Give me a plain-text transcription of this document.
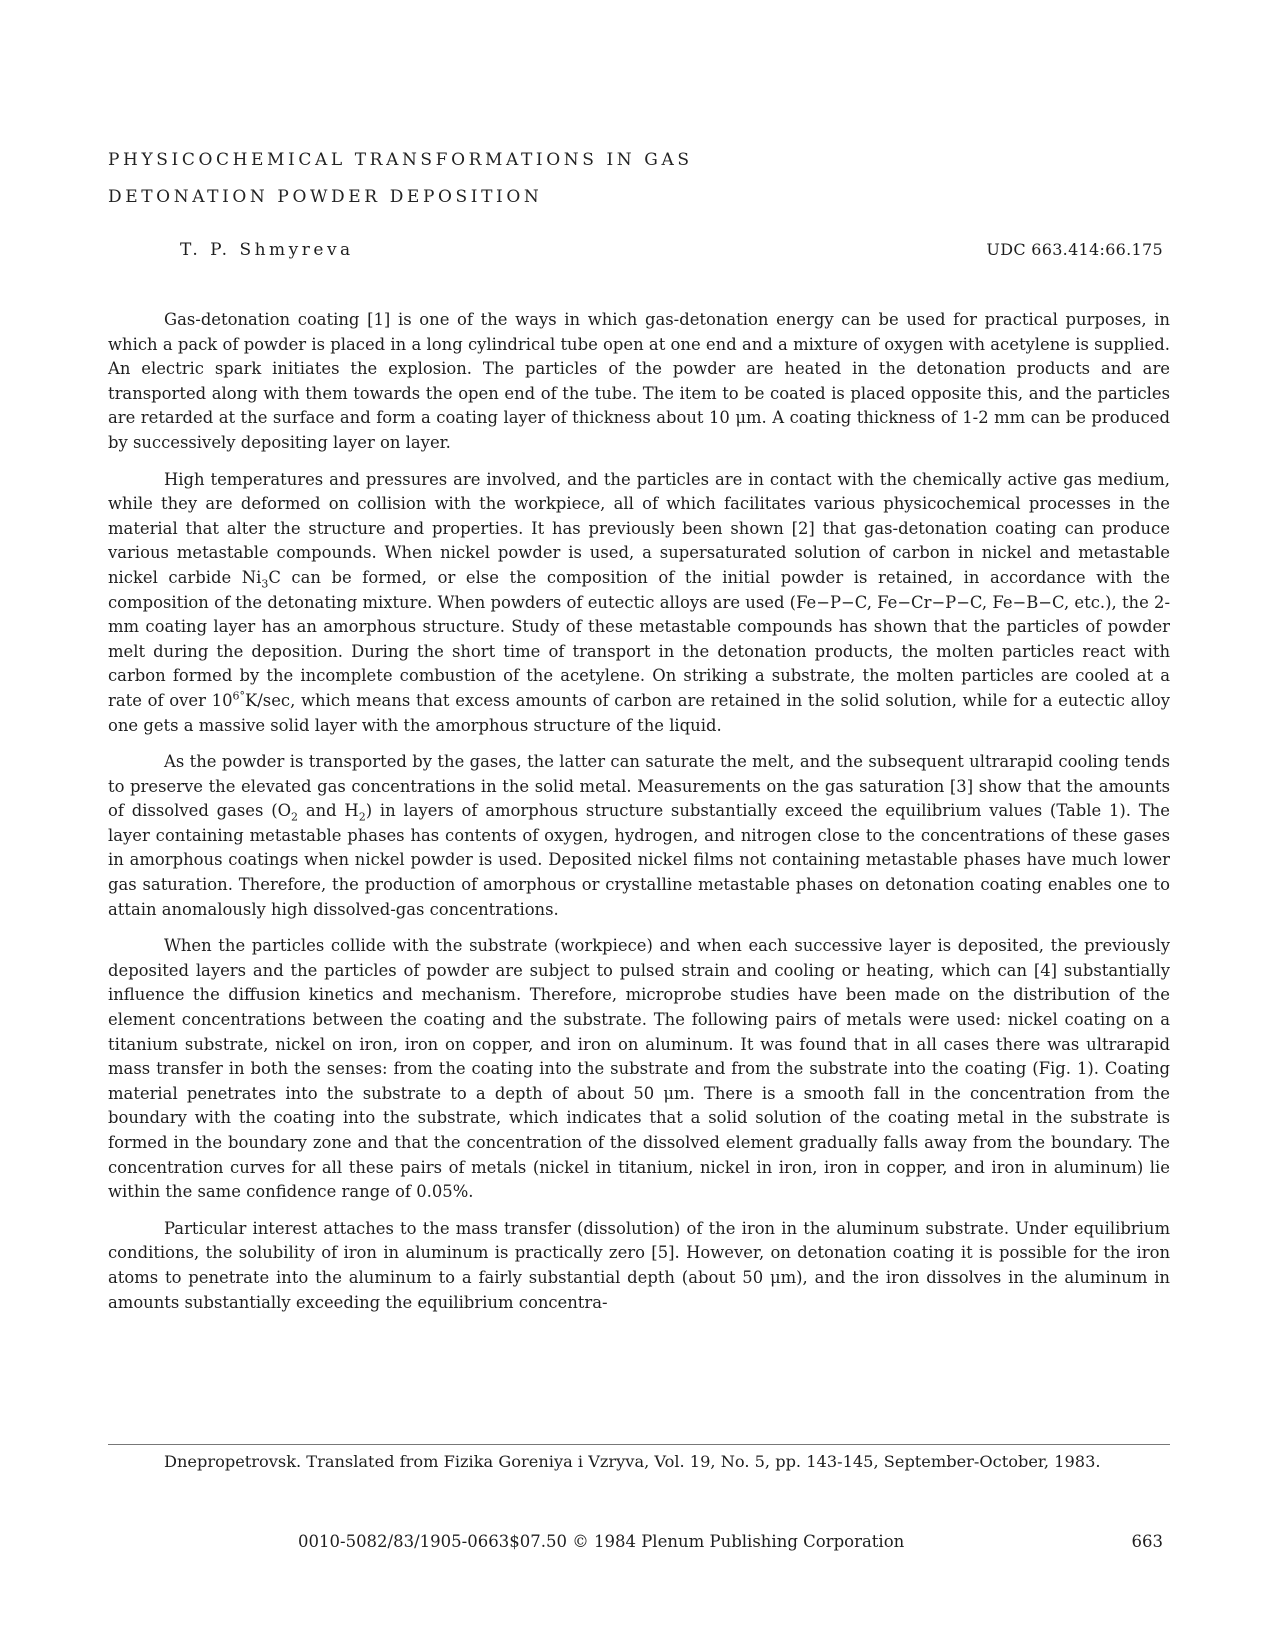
PHYSICOCHEMICAL TRANSFORMATIONS IN GAS
DETONATION POWDER DEPOSITION
T. P. Shmyreva	UDC 663.414:66.175

Gas-detonation coating [1] is one of the ways in which gas-detonation energy can be used for practical purposes, in which a pack of powder is placed in a long cylindrical tube open at one end and a mixture of oxygen with acetylene is supplied. An electric spark initiates the explosion. The particles of the powder are heated in the detonation products and are transported along with them towards the open end of the tube. The item to be coated is placed opposite this, and the particles are retarded at the surface and form a coating layer of thickness about 10 μm. A coating thickness of 1-2 mm can be produced by successively depositing layer on layer.

High temperatures and pressures are involved, and the particles are in contact with the chemically active gas medium, while they are deformed on collision with the workpiece, all of which facilitates various physicochemical processes in the material that alter the structure and properties. It has previously been shown [2] that gas-detonation coating can produce various metastable compounds. When nickel powder is used, a supersaturated solution of carbon in nickel and metastable nickel carbide $Ni_3C$ can be formed, or else the composition of the initial powder is retained, in accordance with the composition of the detonating mixture. When powders of eutectic alloys are used (Fe−P−C, Fe−Cr−P−C, Fe−B−C, etc.), the 2-mm coating layer has an amorphous structure. Study of these metastable compounds has shown that the particles of powder melt during the deposition. During the short time of transport in the detonation products, the molten particles react with carbon formed by the incomplete combustion of the acetylene. On striking a substrate, the molten particles are cooled at a rate of over $10^{6^\circ}K/\sec$, which means that excess amounts of carbon are retained in the solid solution, while for a eutectic alloy one gets a massive solid layer with the amorphous structure of the liquid.

As the powder is transported by the gases, the latter can saturate the melt, and the subsequent ultrarapid cooling tends to preserve the elevated gas concentrations in the solid metal. Measurements on the gas saturation [3] show that the amounts of dissolved gases ($O_2$ and $H_2$) in layers of amorphous structure substantially exceed the equilibrium values (Table 1). The layer containing metastable phases has contents of oxygen, hydrogen, and nitrogen close to the concentrations of these gases in amorphous coatings when nickel powder is used. Deposited nickel films not containing metastable phases have much lower gas saturation. Therefore, the production of amorphous or crystalline metastable phases on detonation coating enables one to attain anomalously high dissolved-gas concentrations.

When the particles collide with the substrate (workpiece) and when each successive layer is deposited, the previously deposited layers and the particles of powder are subject to pulsed strain and cooling or heating, which can [4] substantially influence the diffusion kinetics and mechanism. Therefore, microprobe studies have been made on the distribution of the element concentrations between the coating and the substrate. The following pairs of metals were used: nickel coating on a titanium substrate, nickel on iron, iron on copper, and iron on aluminum. It was found that in all cases there was ultrarapid mass transfer in both the senses: from the coating into the substrate and from the substrate into the coating (Fig. 1). Coating material penetrates into the substrate to a depth of about 50 μm. There is a smooth fall in the concentration from the boundary with the coating into the substrate, which indicates that a solid solution of the coating metal in the substrate is formed in the boundary zone and that the concentration of the dissolved element gradually falls away from the boundary. The concentration curves for all these pairs of metals (nickel in titanium, nickel in iron, iron in copper, and iron in aluminum) lie within the same confidence range of 0.05%.

Particular interest attaches to the mass transfer (dissolution) of the iron in the aluminum substrate. Under equilibrium conditions, the solubility of iron in aluminum is practically zero [5]. However, on detonation coating it is possible for the iron atoms to penetrate into the aluminum to a fairly substantial depth (about 50 μm), and the iron dissolves in the aluminum in amounts substantially exceeding the equilibrium concentra-

Dnepropetrovsk. Translated from Fizika Goreniya i Vzryva, Vol. 19, No. 5, pp. 143-145, September-October, 1983.
0010-5082/83/1905-0663$07.50 © 1984 Plenum Publishing Corporation	663
